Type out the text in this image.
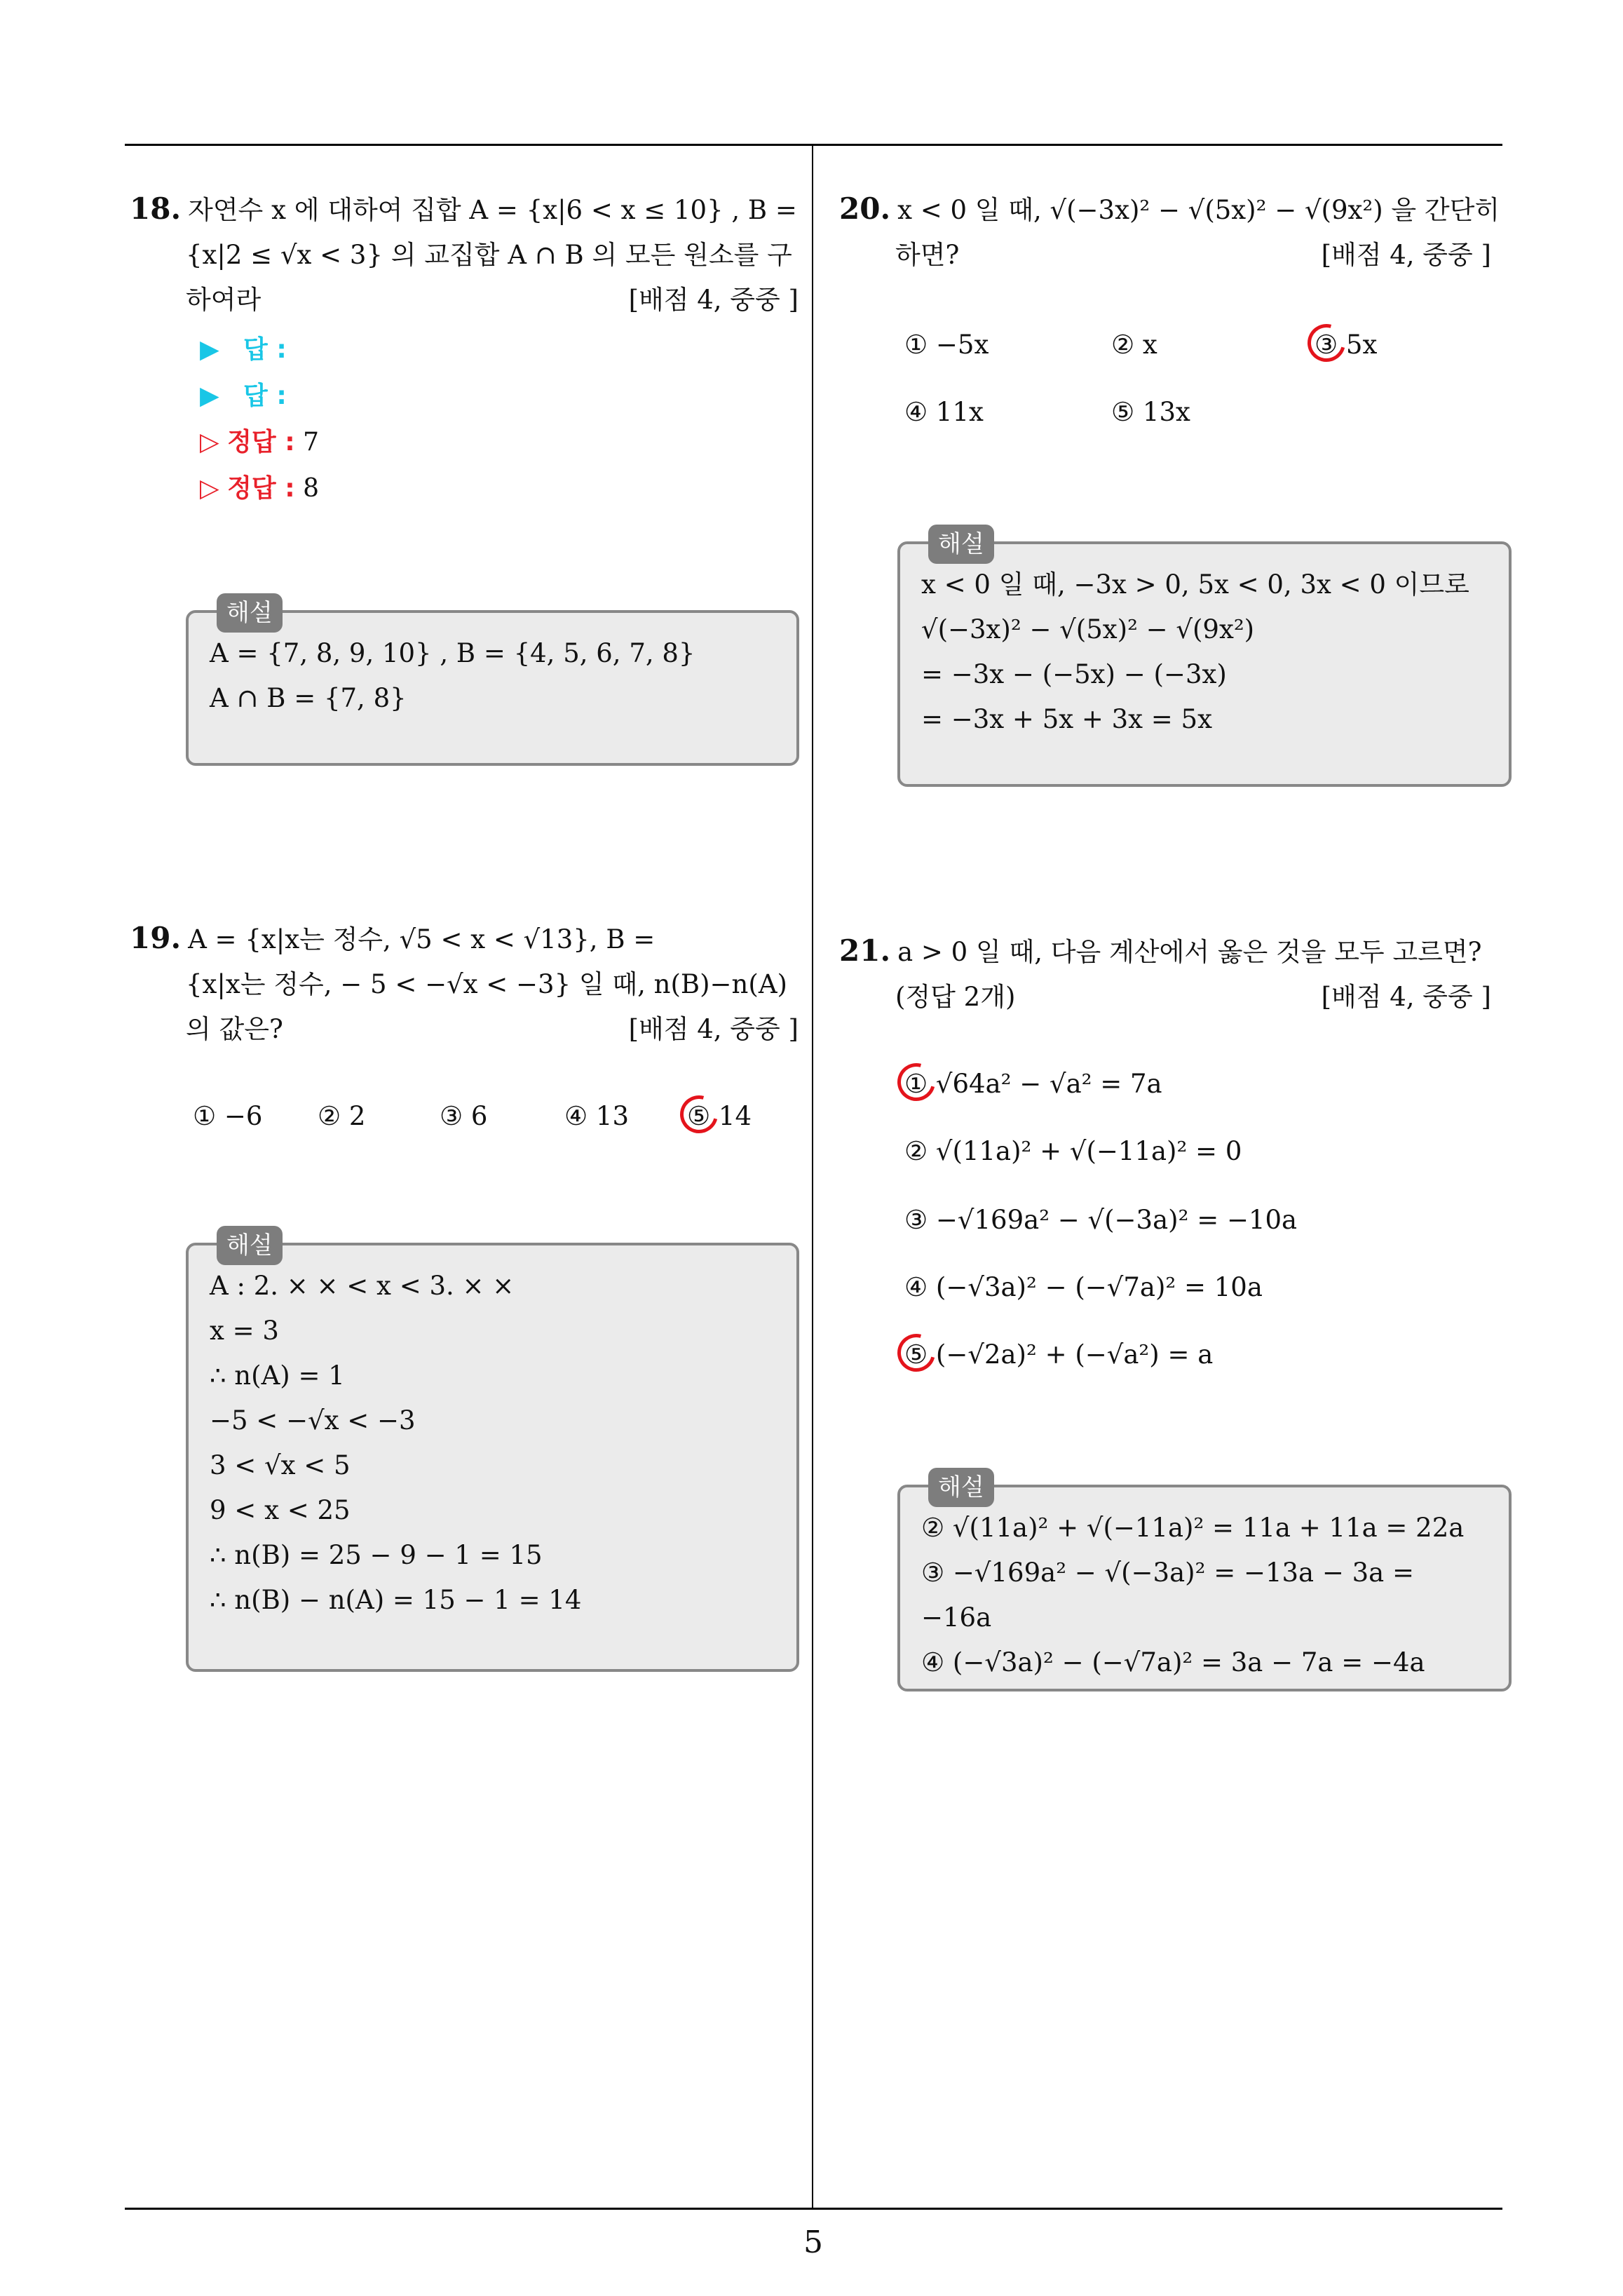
18. 자연수 x 에 대하여 집합 A = {x|6 < x ≤ 10} , B =
{x|2 ≤ √x < 3} 의 교집합 A ∩ B 의 모든 원소를 구
하여라	[배점 4, 중중 ]
▶ 답 :
▶ 답 :
▷ 정답 : 7
▷ 정답 : 8
해설
A = {7, 8, 9, 10} , B = {4, 5, 6, 7, 8}
A ∩ B = {7, 8}
19. A = {x|x는 정수, √5 < x < √13}, B =
{x|x는 정수, − 5 < −√x < −3} 일 때, n(B)−n(A)
의 값은?	[배점 4, 중중 ]
① −6 ② 2	③ 6	④ 13 ⑤ 14
해설
A : 2. × × < x < 3. × ×
x = 3
∴ n(A) = 1
−5 < −√x < −3
3 < √x < 5
9 < x < 25
∴ n(B) = 25 − 9 − 1 = 15
∴ n(B) − n(A) = 15 − 1 = 14
20. x < 0 일 때, √(−3x)² − √(5x)² − √(9x²) 을 간단히
하면?	[배점 4, 중중 ]
① −5x	② x	③ 5x
④ 11x	⑤ 13x
해설
x < 0 일 때, −3x > 0, 5x < 0, 3x < 0 이므로
√(−3x)² − √(5x)² − √(9x²)
= −3x − (−5x) − (−3x)
= −3x + 5x + 3x = 5x
21. a > 0 일 때, 다음 계산에서 옳은 것을 모두 고르면?
(정답 2개)	[배점 4, 중중 ]
① √64a² − √a² = 7a
② √(11a)² + √(−11a)² = 0
③ −√169a² − √(−3a)² = −10a
④ (−√3a)² − (−√7a)² = 10a
⑤ (−√2a)² + (−√a²) = a
해설
② √(11a)² + √(−11a)² = 11a + 11a = 22a
③ −√169a² − √(−3a)² = −13a − 3a = −16a
④ (−√3a)² − (−√7a)² = 3a − 7a = −4a
5
